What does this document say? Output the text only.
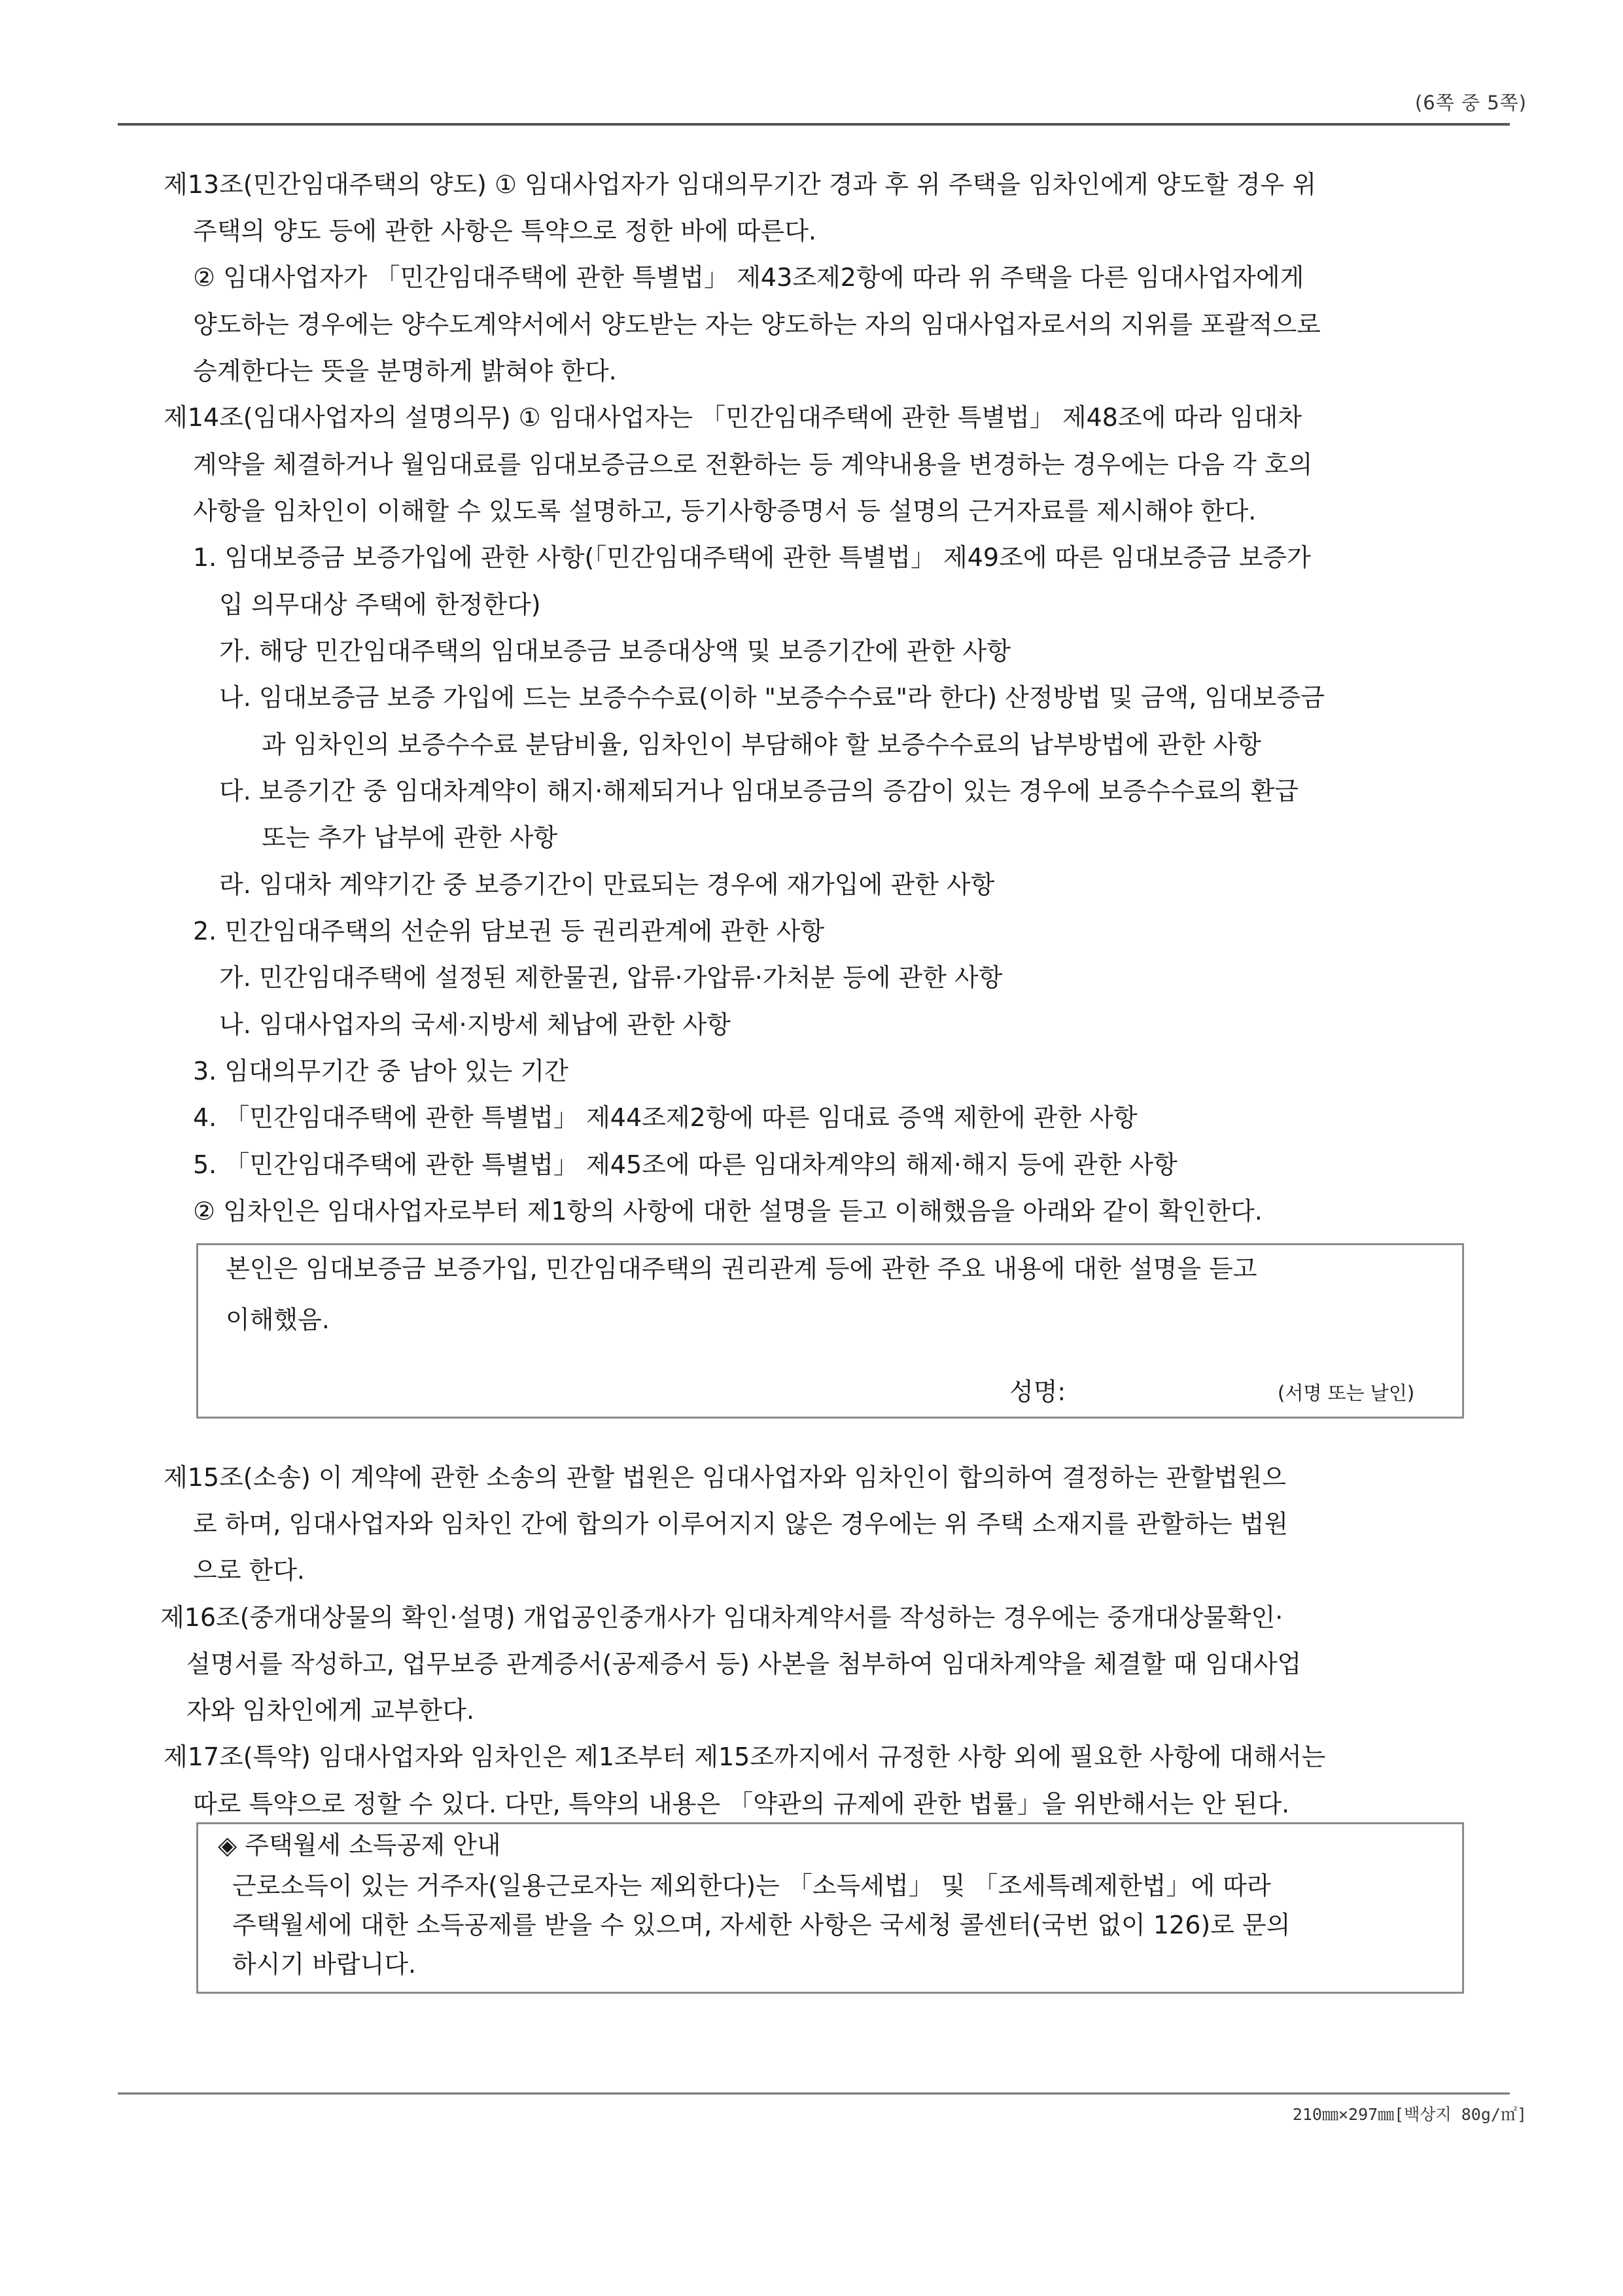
(6쪽 중 5쪽)
제13조(민간임대주택의 양도) ① 임대사업자가 임대의무기간 경과 후 위 주택을 임차인에게 양도할 경우 위
주택의 양도 등에 관한 사항은 특약으로 정한 바에 따른다.
② 임대사업자가 「민간임대주택에 관한 특별법」 제43조제2항에 따라 위 주택을 다른 임대사업자에게
양도하는 경우에는 양수도계약서에서 양도받는 자는 양도하는 자의 임대사업자로서의 지위를 포괄적으로
승계한다는 뜻을 분명하게 밝혀야 한다.
제14조(임대사업자의 설명의무) ① 임대사업자는 「민간임대주택에 관한 특별법」 제48조에 따라 임대차
계약을 체결하거나 월임대료를 임대보증금으로 전환하는 등 계약내용을 변경하는 경우에는 다음 각 호의
사항을 임차인이 이해할 수 있도록 설명하고, 등기사항증명서 등 설명의 근거자료를 제시해야 한다.
1. 임대보증금 보증가입에 관한 사항(「민간임대주택에 관한 특별법」 제49조에 따른 임대보증금 보증가
입 의무대상 주택에 한정한다)
가. 해당 민간임대주택의 임대보증금 보증대상액 및 보증기간에 관한 사항
나. 임대보증금 보증 가입에 드는 보증수수료(이하 "보증수수료"라 한다) 산정방법 및 금액, 임대보증금
과 임차인의 보증수수료 분담비율, 임차인이 부담해야 할 보증수수료의 납부방법에 관한 사항
다. 보증기간 중 임대차계약이 해지·해제되거나 임대보증금의 증감이 있는 경우에 보증수수료의 환급
또는 추가 납부에 관한 사항
라. 임대차 계약기간 중 보증기간이 만료되는 경우에 재가입에 관한 사항
2. 민간임대주택의 선순위 담보권 등 권리관계에 관한 사항
가. 민간임대주택에 설정된 제한물권, 압류·가압류·가처분 등에 관한 사항
나. 임대사업자의 국세·지방세 체납에 관한 사항
3. 임대의무기간 중 남아 있는 기간
4. 「민간임대주택에 관한 특별법」 제44조제2항에 따른 임대료 증액 제한에 관한 사항
5. 「민간임대주택에 관한 특별법」 제45조에 따른 임대차계약의 해제·해지 등에 관한 사항
② 임차인은 임대사업자로부터 제1항의 사항에 대한 설명을 듣고 이해했음을 아래와 같이 확인한다.
본인은 임대보증금 보증가입, 민간임대주택의 권리관계 등에 관한 주요 내용에 대한 설명을 듣고
이해했음.
성명:	(서명 또는 날인)
제15조(소송) 이 계약에 관한 소송의 관할 법원은 임대사업자와 임차인이 합의하여 결정하는 관할법원으
로 하며, 임대사업자와 임차인 간에 합의가 이루어지지 않은 경우에는 위 주택 소재지를 관할하는 법원
으로 한다.
제16조(중개대상물의 확인·설명) 개업공인중개사가 임대차계약서를 작성하는 경우에는 중개대상물확인·
설명서를 작성하고, 업무보증 관계증서(공제증서 등) 사본을 첨부하여 임대차계약을 체결할 때 임대사업
자와 임차인에게 교부한다.
제17조(특약) 임대사업자와 임차인은 제1조부터 제15조까지에서 규정한 사항 외에 필요한 사항에 대해서는
따로 특약으로 정할 수 있다. 다만, 특약의 내용은 「약관의 규제에 관한 법률」을 위반해서는 안 된다.
◈ 주택월세 소득공제 안내
근로소득이 있는 거주자(일용근로자는 제외한다)는 「소득세법」 및 「조세특례제한법」에 따라
주택월세에 대한 소득공제를 받을 수 있으며, 자세한 사항은 국세청 콜센터(국번 없이 126)로 문의
하시기 바랍니다.
210㎜×297㎜[백상지 80g/㎡]
